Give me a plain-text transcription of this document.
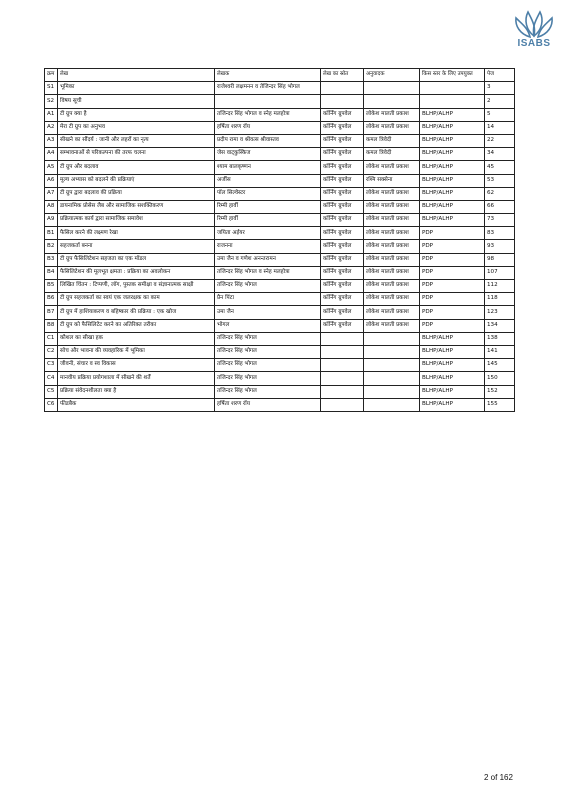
ISABS
क्रम	लेख	लेखक	लेख का स्रोत	अनुवादक	किस स्तर के लिए उपयुक्त	पेज
S1	भूमिका	राजेश्वरी लक्षमनन व तेजिन्दर सिंह भोगल				3
S2	विषय सूची					2
A1	टी ग्रुप क्या है	तजिन्दर सिंह भोगल व स्नेह मलहोत्रा	कॉर्निंग ग्रुपवेल	लोकेश मालती प्रकाश	BLHP/ALHP	5
A2	मेरा टी ग्रुप का अनुभव	हर्षिता शरण रॉय	कॉर्निंग ग्रुपवेल	लोकेश मालती प्रकाश	BLHP/ALHP	14
A3	सीखने का सौंदर्य : जानी और लहरों का नृत्य	प्रदीप रामा व श्रीवत्स श्रीवास्तव	कॉर्निंग ग्रुपवेल	कमल त्रिवेदी	BLHP/ALHP	22
A4	सम्भावनाओं से परिकल्पना की तरफ चलना	जेस वाट्कुस्किज	कॉर्निंग ग्रुपवेल	कमल त्रिवेदी	BLHP/ALHP	34
A5	टी ग्रुप और बदलाव	श्याम बालकृष्णन	कॉर्निंग ग्रुपवेल	लोकेश मालती प्रकाश	BLHP/ALHP	45
A6	मूल्य अभ्यास को बदलने की प्रक्रियाएं	अर्जीस	कॉर्निंग ग्रुपवेल	रश्मि सक्सेना	BLHP/ALHP	53
A7	टी ग्रुप द्वारा बदलाव की प्रक्रिया	पॉल सिल्वेस्टर	कॉर्निंग ग्रुपवेल	लोकेश मालती प्रकाश	BLHP/ALHP	62
A8	डायनामिक प्रोसेस लैब और सामाजिक सशक्तिकरण	रिम्मी हार्वी	कॉर्निंग ग्रुपवेल	लोकेश मालती प्रकाश	BLHP/ALHP	66
A9	प्रक्रियात्मक कार्य द्वारा सामाजिक समावेश	रिम्मी हार्वी	कॉर्निंग ग्रुपवेल	लोकेश मालती प्रकाश	BLHP/ALHP	73
B1	फैसिल करने की लक्ष्मण रेखा	जयिता अईयर	कॉर्निंग ग्रुपवेल	लोकेश मालती प्रकाश	PDP	83
B2	सहजकर्ता बनना	राजनना	कॉर्निंग ग्रुपवेल	लोकेश मालती प्रकाश	PDP	93
B3	टी ग्रुप फैसिलिटेशन सहजता का एक मॉडल	उमा जैन व गणेश अनन्तरामन	कॉर्निंग ग्रुपवेल	लोकेश मालती प्रकाश	PDP	98
B4	फैसिलिटेशन की मूलभूत क्षमता : प्रक्रिया का अवलोकन	तजिन्दर सिंह भोगल व स्नेह मलहोत्रा	कॉर्निंग ग्रुपवेल	लोकेश मालती प्रकाश	PDP	107
B5	लिखित चिंतन : टिप्पणी, लॉग, पुस्तक समीक्षा व संज्ञानात्मक साक्षी	तजिन्दर सिंह भोगल	कॉर्निंग ग्रुपवेल	लोकेश मालती प्रकाश	PDP	112
B6	टी ग्रुप सहजकर्ता का स्वयं एक जलरक्षक का काम	प्रैन पिंटा	कॉर्निंग ग्रुपवेल	लोकेश मालती प्रकाश	PDP	118
B7	टी ग्रुप में हाशियाकरण व बहिष्कार की प्रक्रिया : एक खोज	उमा जैन	कॉर्निंग ग्रुपवेल	लोकेश मालती प्रकाश	PDP	123
B8	टी ग्रुप को फैसिलिटेट करने का अतिरिक्त तरीका	भोगल	कॉर्निंग ग्रुपवेल	लोकेश मालती प्रकाश	PDP	134
C1	कौशल का सीखा हक	तजिन्दर सिंह भोगल			BLHP/ALHP	138
C2	सोच और भावना की व्यवहारिक में भूमिका	तजिन्दर सिंह भोगल			BLHP/ALHP	141
C3	जीवनी, संचार व स्व विकास	तजिन्दर सिंह भोगल			BLHP/ALHP	145
C4	मानवीय प्रक्रिया प्रयोगशाला में सीखने की शर्तें	तजिन्दर सिंह भोगल			BLHP/ALHP	150
C5	प्रक्रिया संवेदनशीलता क्या है	तजिन्दर सिंह भोगल			BLHP/ALHP	152
C6	फीडबैक	हर्षिता शरण रॉय			BLHP/ALHP	155
2 of 162
